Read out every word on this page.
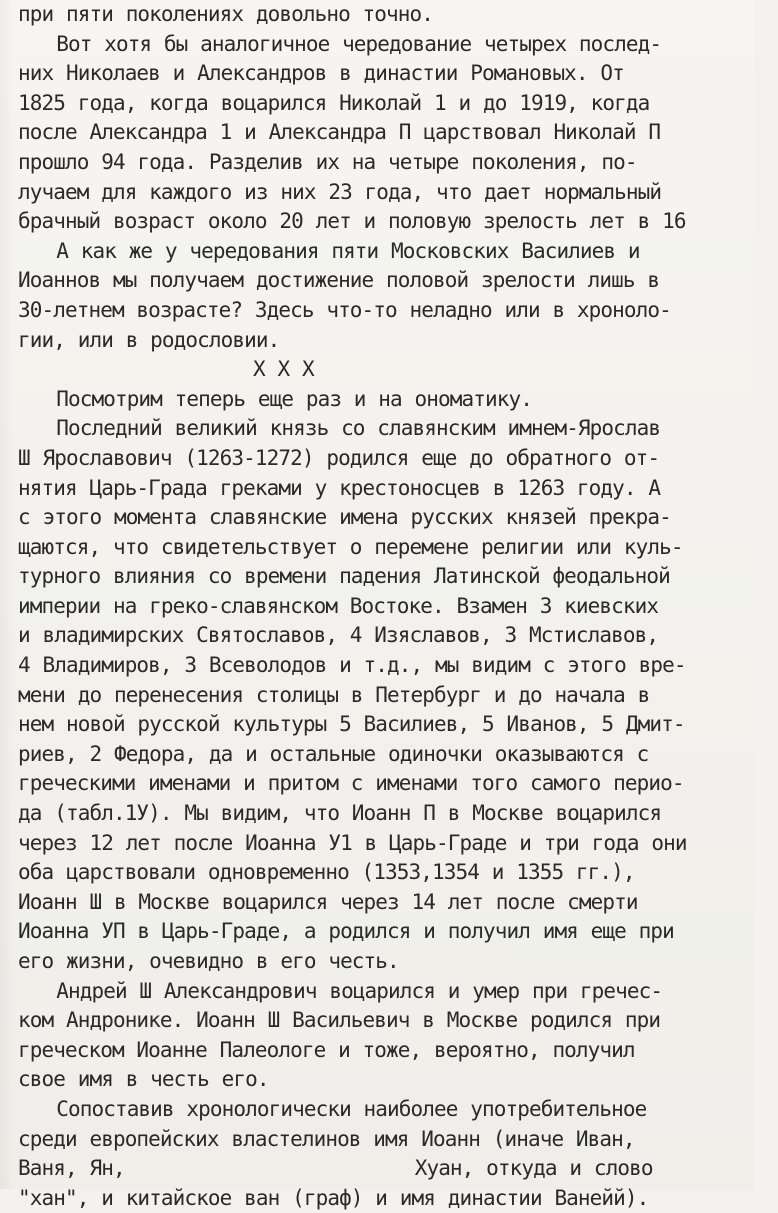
при пяти поколениях довольно точно.
Вот хотя бы аналогичное чередование четырех послед-
них Николаев и Александров в династии Романовых. От
1825 года, когда воцарился Николай 1 и до 1919, когда
после Александра 1 и Александра П царствовал Николай П
прошло 94 года. Разделив их на четыре поколения, по-
лучаем для каждого из них 23 года, что дает нормальный
брачный возраст около 20 лет и половую зрелость лет в 16
А как же у чередования пяти Московских Василиев и
Иоаннов мы получаем достижение половой зрелости лишь в
30-летнем возрасте? Здесь что-то неладно или в хроноло-
гии, или в родословии.
Х Х Х
Посмотрим теперь еще раз и на ономатику.
Последний великий князь со славянским имнем-Ярослав
Ш Ярославович (1263-1272) родился еще до обратного от-
нятия Царь-Града греками у крестоносцев в 1263 году. А
с этого момента славянские имена русских князей прекра-
щаются, что свидетельствует о перемене религии или куль-
турного влияния со времени падения Латинской феодальной
империи на греко-славянском Востоке. Взамен 3 киевских
и владимирских Святославов, 4 Изяславов, 3 Мстиславов,
4 Владимиров, 3 Всеволодов и т.д., мы видим с этого вре-
мени до перенесения столицы в Петербург и до начала в
нем новой русской культуры 5 Василиев, 5 Иванов, 5 Дмит-
риев, 2 Федора, да и остальные одиночки оказываются с
греческими именами и притом с именами того самого перио-
да (табл.1У). Мы видим, что Иоанн П в Москве воцарился
через 12 лет после Иоанна У1 в Царь-Граде и три года они
оба царствовали одновременно (1353,1354 и 1355 гг.),
Иоанн Ш в Москве воцарился через 14 лет после смерти
Иоанна УП в Царь-Граде, а родился и получил имя еще при
его жизни, очевидно в его честь.
Андрей Ш Александрович воцарился и умер при гречес-
ком Андронике. Иоанн Ш Васильевич в Москве родился при
греческом Иоанне Палеологе и тоже, вероятно, получил
свое имя в честь его.
Сопоставив хронологически наиболее употребительное
среди европейских властелинов имя Иоанн (иначе Иван,
Ваня, Ян,	Хуан, откуда и слово
"хан", и китайское ван (граф) и имя династии Ванейй).
